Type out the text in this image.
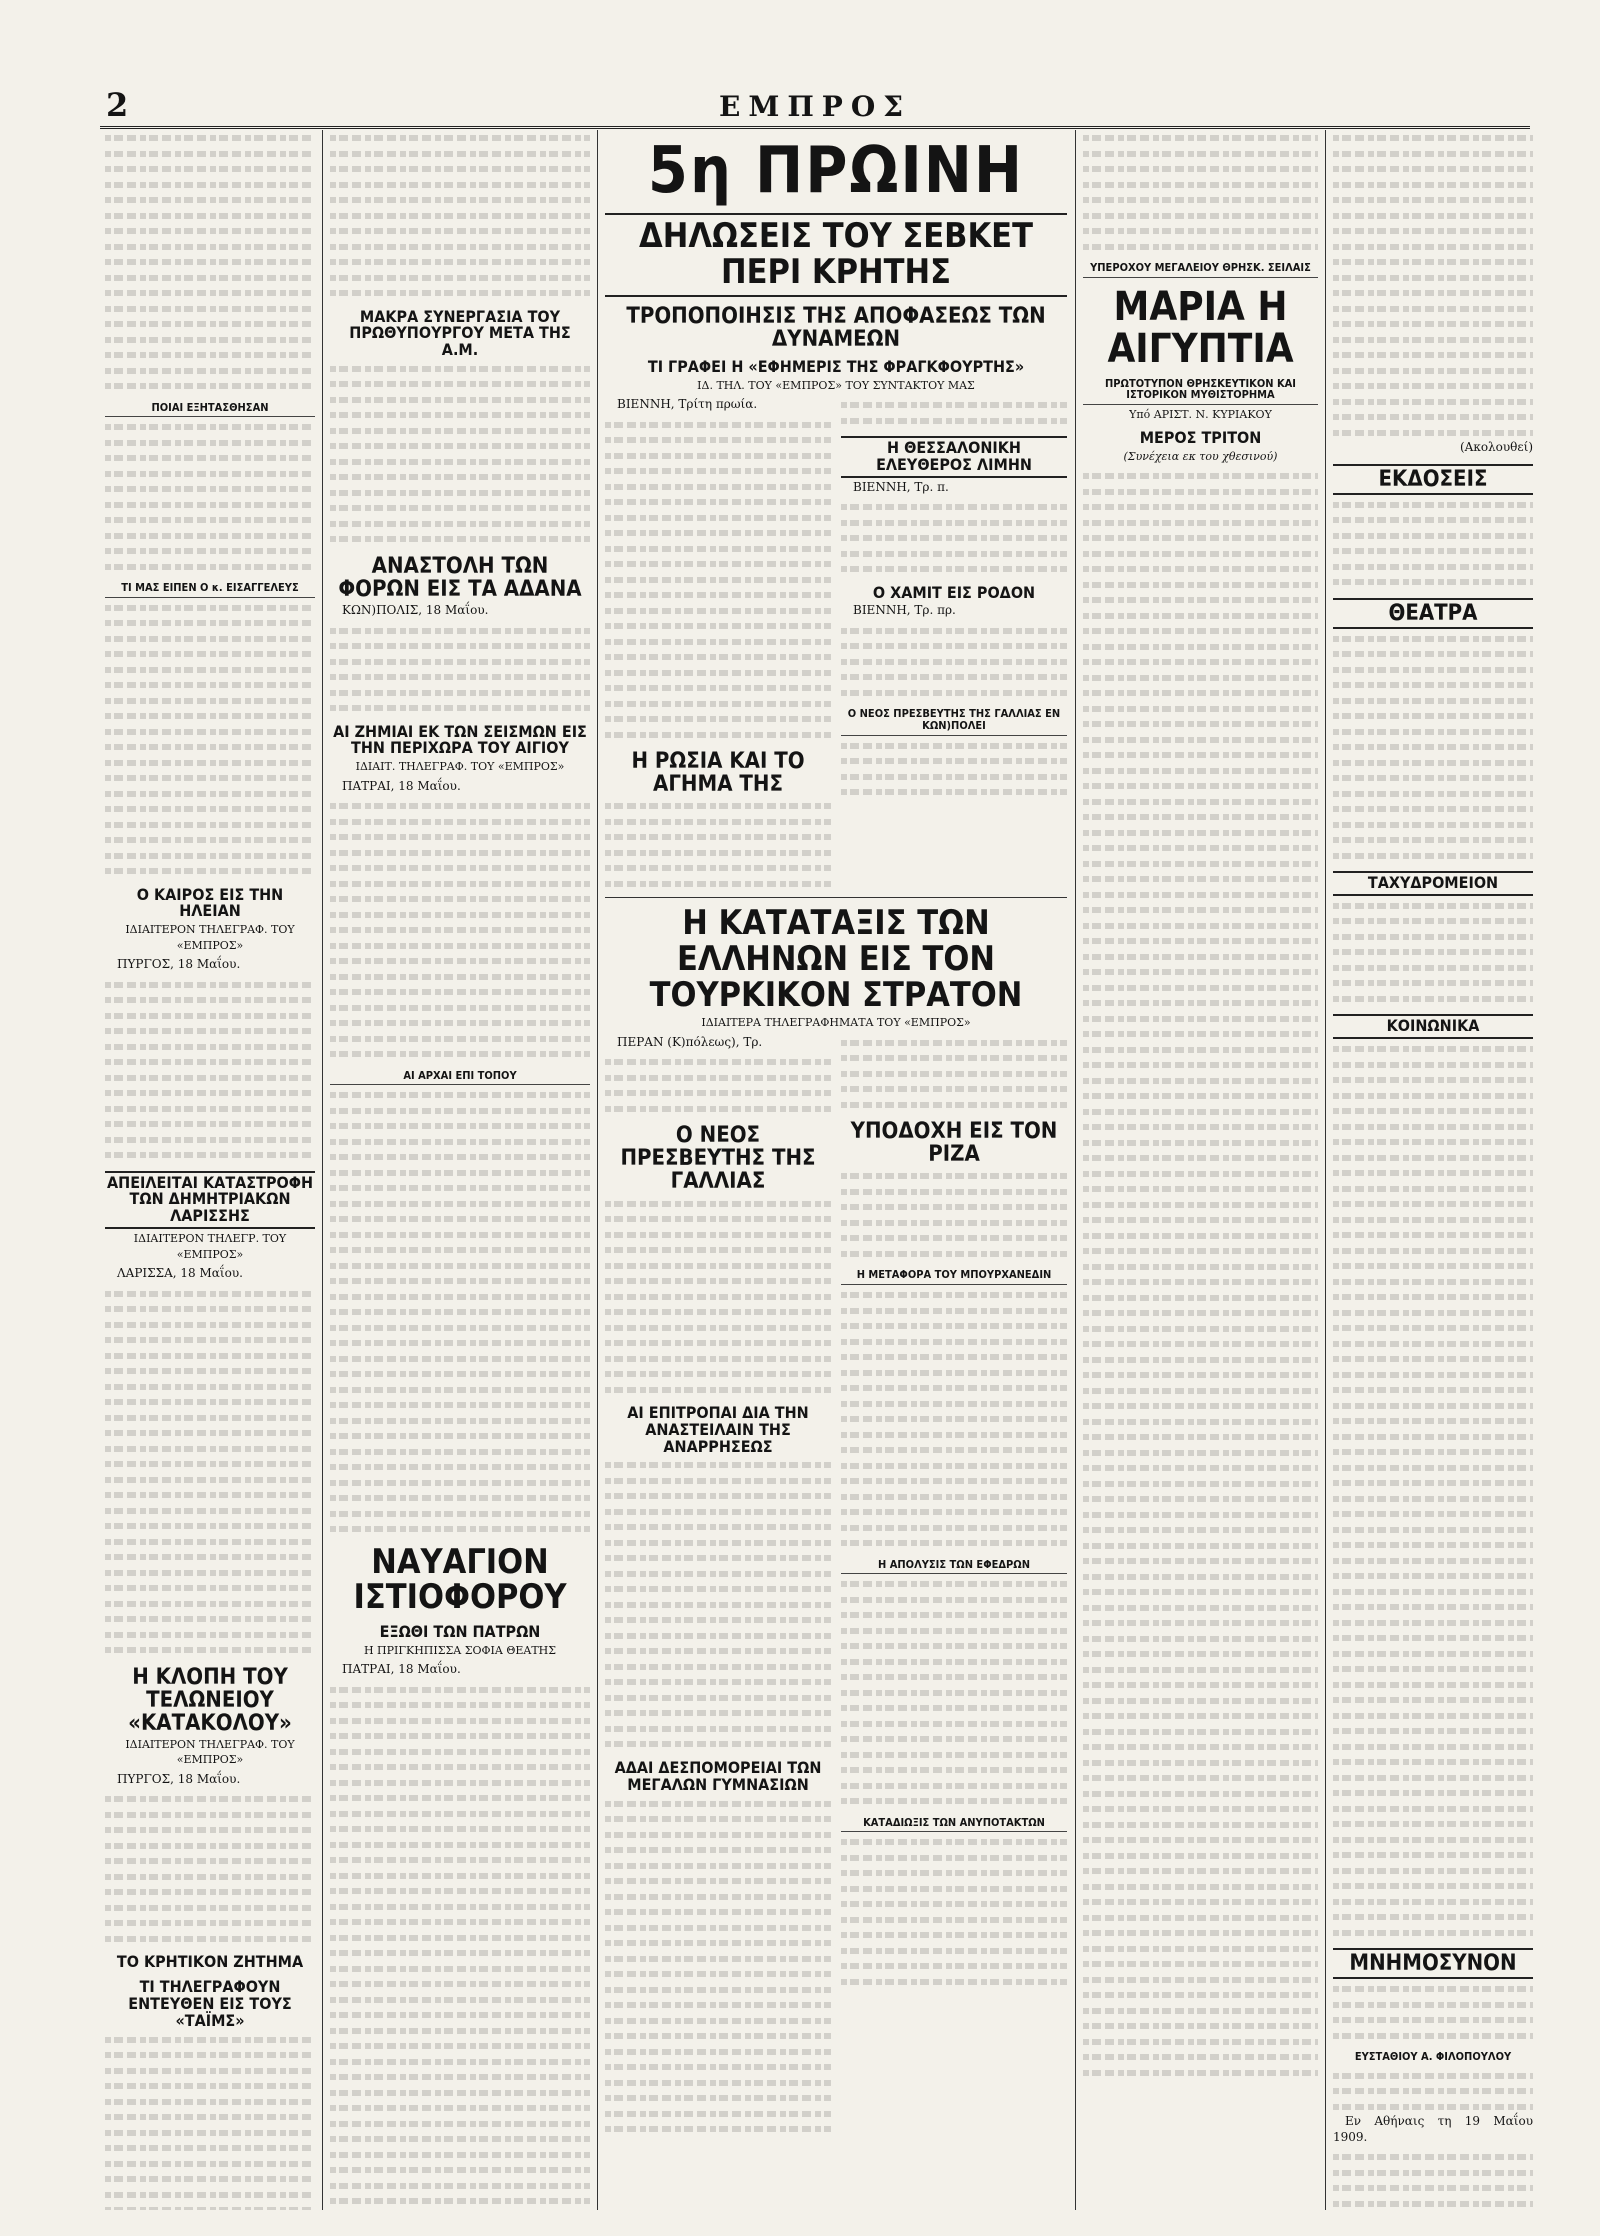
2	ΕΜΠΡΟΣ
ΠΟΙΑΙ ΕΞΗΤΑΣΘΗΣΑΝ
ΤΙ ΜΑΣ ΕΙΠΕΝ Ο κ. ΕΙΣΑΓΓΕΛΕΥΣ
Ο ΚΑΙΡΟΣ ΕΙΣ ΤΗΝ ΗΛΕΙΑΝ
ΙΔΙΑΙΤΕΡΟΝ ΤΗΛΕΓΡΑΦ. ΤΟΥ «ΕΜΠΡΟΣ»

ΠΥΡΓΟΣ, 18 Μαΐου.

ΑΠΕΙΛΕΙΤΑΙ ΚΑΤΑΣΤΡΟΦΗ ΤΩΝ ΔΗΜΗΤΡΙΑΚΩΝ ΛΑΡΙΣΣΗΣ
ΙΔΙΑΙΤΕΡΟΝ ΤΗΛΕΓΡ. ΤΟΥ «ΕΜΠΡΟΣ»

ΛΑΡΙΣΣΑ, 18 Μαΐου.

Η ΚΛΟΠΗ ΤΟΥ ΤΕΛΩΝΕΙΟΥ «ΚΑΤΑΚΟΛΟΥ»
ΙΔΙΑΙΤΕΡΟΝ ΤΗΛΕΓΡΑΦ. ΤΟΥ «ΕΜΠΡΟΣ»

ΠΥΡΓΟΣ, 18 Μαΐου.

ΤΟ ΚΡΗΤΙΚΟΝ ΖΗΤΗΜΑ
ΤΙ ΤΗΛΕΓΡΑΦΟΥΝ ΕΝΤΕΥΘΕΝ ΕΙΣ ΤΟΥΣ «ΤΑΪΜΣ»
ΜΑΚΡΑ ΣΥΝΕΡΓΑΣΙΑ ΤΟΥ ΠΡΩΘΥΠΟΥΡΓΟΥ ΜΕΤΑ ΤΗΣ Α.Μ.
ΑΝΑΣΤΟΛΗ ΤΩΝ ΦΟΡΩΝ ΕΙΣ ΤΑ ΑΔΑΝΑ

ΚΩΝ)ΠΟΛΙΣ, 18 Μαΐου.

ΑΙ ΖΗΜΙΑΙ ΕΚ ΤΩΝ ΣΕΙΣΜΩΝ ΕΙΣ ΤΗΝ ΠΕΡΙΧΩΡΑ ΤΟΥ ΑΙΓΙΟΥ
ΙΔΙΑΙΤ. ΤΗΛΕΓΡΑΦ. ΤΟΥ «ΕΜΠΡΟΣ»

ΠΑΤΡΑΙ, 18 Μαΐου.

ΑΙ ΑΡΧΑΙ ΕΠΙ ΤΟΠΟΥ
ΝΑΥΑΓΙΟΝ ΙΣΤΙΟΦΟΡΟΥ
ΕΞΩΘΙ ΤΩΝ ΠΑΤΡΩΝ
Η ΠΡΙΓΚΗΠΙΣΣΑ ΣΟΦΙΑ ΘΕΑΤΗΣ

ΠΑΤΡΑΙ, 18 Μαΐου.

5η ΠΡΩΙΝΗ
ΔΗΛΩΣΕΙΣ ΤΟΥ ΣΕΒΚΕΤ ΠΕΡΙ ΚΡΗΤΗΣ
ΤΡΟΠΟΠΟΙΗΣΙΣ ΤΗΣ ΑΠΟΦΑΣΕΩΣ ΤΩΝ ΔΥΝΑΜΕΩΝ
ΤΙ ΓΡΑΦΕΙ Η «ΕΦΗΜΕΡΙΣ ΤΗΣ ΦΡΑΓΚΦΟΥΡΤΗΣ»
ΙΔ. ΤΗΛ. ΤΟΥ «ΕΜΠΡΟΣ» ΤΟΥ ΣΥΝΤΑΚΤΟΥ ΜΑΣ

ΒΙΕΝΝΗ, Τρίτη πρωία.

Η ΡΩΣΙΑ ΚΑΙ ΤΟ ΑΓΗΜΑ ΤΗΣ
Η ΘΕΣΣΑΛΟΝΙΚΗ ΕΛΕΥΘΕΡΟΣ ΛΙΜΗΝ

ΒΙΕΝΝΗ, Τρ. π.

Ο ΧΑΜΙΤ ΕΙΣ ΡΟΔΟΝ

ΒΙΕΝΝΗ, Τρ. πρ.

Ο ΝΕΟΣ ΠΡΕΣΒΕΥΤΗΣ ΤΗΣ ΓΑΛΛΙΑΣ ΕΝ ΚΩΝ)ΠΟΛΕΙ
Η ΚΑΤΑΤΑΞΙΣ ΤΩΝ ΕΛΛΗΝΩΝ ΕΙΣ ΤΟΝ ΤΟΥΡΚΙΚΟΝ ΣΤΡΑΤΟΝ
ΙΔΙΑΙΤΕΡΑ ΤΗΛΕΓΡΑΦΗΜΑΤΑ ΤΟΥ «ΕΜΠΡΟΣ»

ΠΕΡΑΝ (Κ)πόλεως), Τρ.

Ο ΝΕΟΣ ΠΡΕΣΒΕΥΤΗΣ ΤΗΣ ΓΑΛΛΙΑΣ
ΑΙ ΕΠΙΤΡΟΠΑΙ ΔΙΑ ΤΗΝ ΑΝΑΣΤΕΙΛΑΙΝ ΤΗΣ ΑΝΑΡΡΗΣΕΩΣ
ΑΔΑΙ ΔΕΣΠΟΜΟΡΕΙΑΙ ΤΩΝ ΜΕΓΑΛΩΝ ΓΥΜΝΑΣΙΩΝ
ΥΠΟΔΟΧΗ ΕΙΣ ΤΟΝ ΡΙΖΑ
Η ΜΕΤΑΦΟΡΑ ΤΟΥ ΜΠΟΥΡΧΑΝΕΔΙΝ
Η ΑΠΟΛΥΣΙΣ ΤΩΝ ΕΦΕΔΡΩΝ
ΚΑΤΑΔΙΩΞΙΣ ΤΩΝ ΑΝΥΠΟΤΑΚΤΩΝ
ΥΠΕΡΟΧΟΥ ΜΕΓΑΛΕΙΟΥ ΘΡΗΣΚ. ΣΕΙΛΑΙΣ
ΜΑΡΙΑ Η ΑΙΓΥΠΤΙΑ
ΠΡΩΤΟΤΥΠΟΝ ΘΡΗΣΚΕΥΤΙΚΟΝ ΚΑΙ ΙΣΤΟΡΙΚΟΝ ΜΥΘΙΣΤΟΡΗΜΑ
Υπό ΑΡΙΣΤ. Ν. ΚΥΡΙΑΚΟΥ
ΜΕΡΟΣ ΤΡΙΤΟΝ
(Συνέχεια εκ του χθεσινού)

(Ακολουθεί)

ΕΚΔΟΣΕΙΣ
ΘΕΑΤΡΑ
ΤΑΧΥΔΡΟΜΕΙΟΝ
ΚΟΙΝΩΝΙΚΑ
ΜΝΗΜΟΣΥΝΟΝ
ΕΥΣΤΑΘΙΟΥ Α. ΦΙΛΟΠΟΥΛΟΥ

Εν Αθήναις τη 19 Μαΐου 1909.
